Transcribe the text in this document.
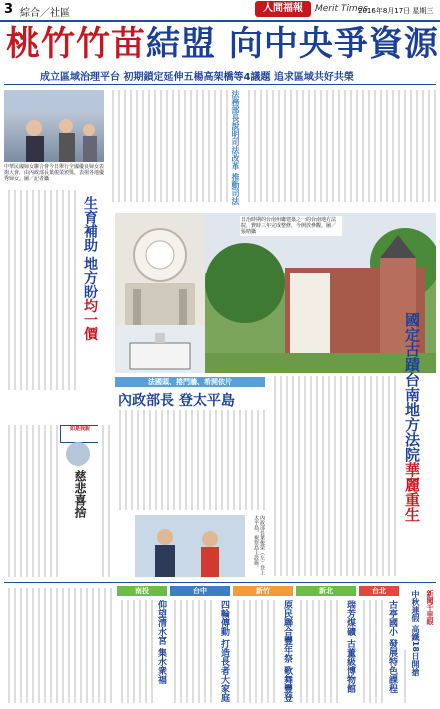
3 綜合／社區	人間福報	Merit Times
2016年8月17日 星期三
桃竹竹苗結盟 向中央爭資源
成立區域治理平台 初期鎖定延伸五楊高架橋等4議題 追求區域共好共榮
中華民國婦女聯合會今日舉行全國優良婦女表揚大會，由內政部長葉俊榮頒獎，表揚各地優秀婦女。圖／記者攝
生育補助 地方盼均一價
法務部長說明司法改革 推動司法
日治時期的台南州廳建築之一的台南地方法院，費時三年完成整修，今開放參觀。圖／張晴攝
國定古蹟台南地方法院華麗重生
法國頭、捲門牆、希開依片
內政部長 登太平島
內政部長葉俊榮（左）登上太平島，視察島上設施。
如是我說
慈悲喜捨
南投
仰望清水宮 集水衆福
台中
四輪傳動 打造長者大家庭
新竹
原民聯合豐年祭 歌舞豐登
新北
瑞芳煤礦 古董級博物館
台北
古亭國小 發展特色課程	新聞千里眼
中秋連假 高鐵18日開搶
